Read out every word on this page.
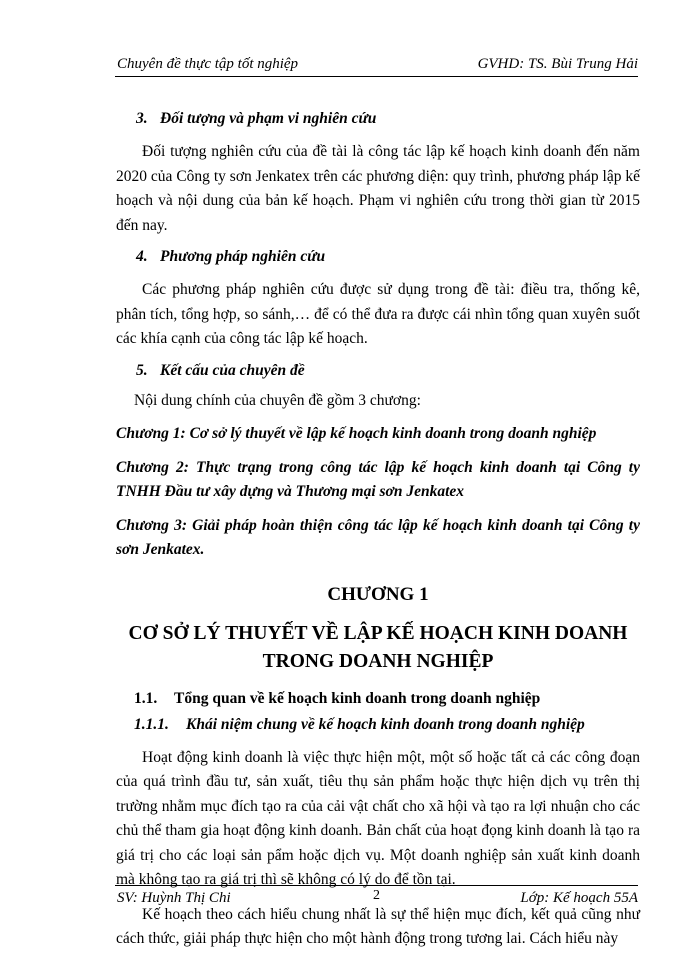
Chuyên đề thực tập tốt nghiệp	GVHD: TS. Bùi Trung Hải
3. Đối tượng và phạm vi nghiên cứu

Đối tượng nghiên cứu của đề tài là công tác lập kế hoạch kinh doanh đến năm 2020 của Công ty sơn Jenkatex trên các phương diện: quy trình, phương pháp lập kế hoạch và nội dung của bản kế hoạch. Phạm vi nghiên cứu trong thời gian từ 2015 đến nay.

4. Phương pháp nghiên cứu

Các phương pháp nghiên cứu được sử dụng trong đề tài: điều tra, thống kê, phân tích, tổng hợp, so sánh,… để có thể đưa ra được cái nhìn tổng quan xuyên suốt các khía cạnh của công tác lập kế hoạch.

5. Kết cấu của chuyên đề

Nội dung chính của chuyên đề gồm 3 chương:

Chương 1: Cơ sở lý thuyết về lập kế hoạch kinh doanh trong doanh nghiệp

Chương 2: Thực trạng trong công tác lập kế hoạch kinh doanh tại Công ty TNHH Đầu tư xây dựng và Thương mại sơn Jenkatex

Chương 3: Giải pháp hoàn thiện công tác lập kế hoạch kinh doanh tại Công ty sơn Jenkatex.

CHƯƠNG 1
CƠ SỞ LÝ THUYẾT VỀ LẬP KẾ HOẠCH KINH DOANH
TRONG DOANH NGHIỆP
1.1. Tổng quan về kế hoạch kinh doanh trong doanh nghiệp
1.1.1. Khái niệm chung về kế hoạch kinh doanh trong doanh nghiệp

Hoạt động kinh doanh là việc thực hiện một, một số hoặc tất cả các công đoạn của quá trình đầu tư, sản xuất, tiêu thụ sản phẩm hoặc thực hiện dịch vụ trên thị trường nhằm mục đích tạo ra của cải vật chất cho xã hội và tạo ra lợi nhuận cho các chủ thể tham gia hoạt động kinh doanh. Bản chất của hoạt đọng kinh doanh là tạo ra giá trị cho các loại sản pẩm hoặc dịch vụ. Một doanh nghiệp sản xuất kinh doanh mà không tạo ra giá trị thì sẽ không có lý do để tồn tại.

Kế hoạch theo cách hiểu chung nhất là sự thể hiện mục đích, kết quả cũng như cách thức, giải pháp thực hiện cho một hành động trong tương lai. Cách hiểu này

SV: Huỳnh Thị Chi	2	Lớp: Kế hoạch 55A
